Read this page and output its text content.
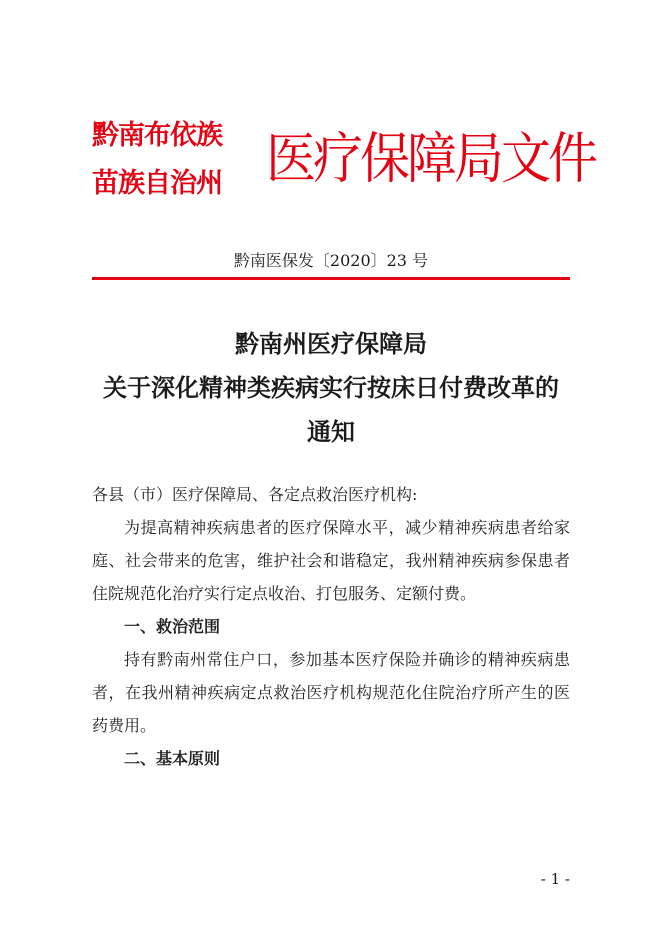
黔南布依族
苗族自治州 医疗保障局文件
黔南医保发〔2020〕23 号
黔南州医疗保障局
关于深化精神类疾病实行按床日付费改革的
通知

各县（市）医疗保障局、各定点救治医疗机构:

为提高精神疾病患者的医疗保障水平，减少精神疾病患者给家庭、社会带来的危害，维护社会和谐稳定，我州精神疾病参保患者住院规范化治疗实行定点收治、打包服务、定额付费。

一、救治范围

持有黔南州常住户口，参加基本医疗保险并确诊的精神疾病患者，在我州精神疾病定点救治医疗机构规范化住院治疗所产生的医药费用。

二、基本原则

- 1 -
